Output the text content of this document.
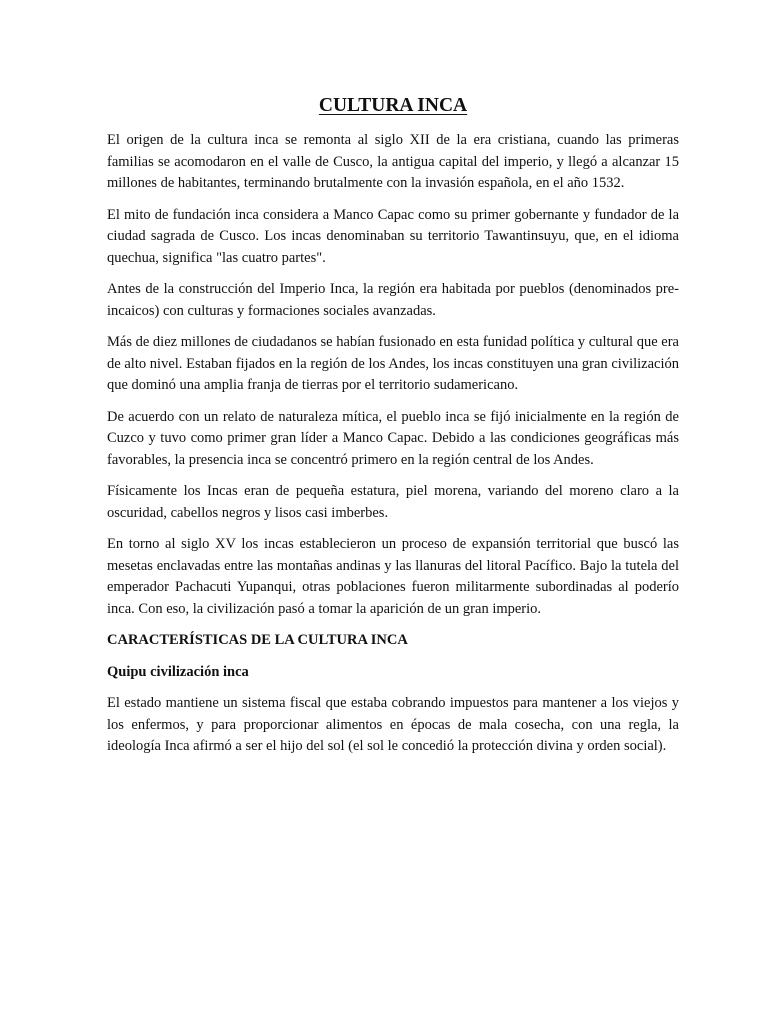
CULTURA INCA

El origen de la cultura inca se remonta al siglo XII de la era cristiana, cuando las primeras familias se acomodaron en el valle de Cusco, la antigua capital del imperio, y llegó a alcanzar 15 millones de habitantes, terminando brutalmente con la invasión española, en el año 1532.

El mito de fundación inca considera a Manco Capac como su primer gobernante y fundador de la ciudad sagrada de Cusco. Los incas denominaban su territorio Tawantinsuyu, que, en el idioma quechua, significa "las cuatro partes".

Antes de la construcción del Imperio Inca, la región era habitada por pueblos (denominados pre-incaicos) con culturas y formaciones sociales avanzadas.

Más de diez millones de ciudadanos se habían fusionado en esta funidad política y cultural que era de alto nivel. Estaban fijados en la región de los Andes, los incas constituyen una gran civilización que dominó una amplia franja de tierras por el territorio sudamericano.

De acuerdo con un relato de naturaleza mítica, el pueblo inca se fijó inicialmente en la región de Cuzco y tuvo como primer gran líder a Manco Capac. Debido a las condiciones geográficas más favorables, la presencia inca se concentró primero en la región central de los Andes.

Físicamente los Incas eran de pequeña estatura, piel morena, variando del moreno claro a la oscuridad, cabellos negros y lisos casi imberbes.

En torno al siglo XV los incas establecieron un proceso de expansión territorial que buscó las mesetas enclavadas entre las montañas andinas y las llanuras del litoral Pacífico. Bajo la tutela del emperador Pachacuti Yupanqui, otras poblaciones fueron militarmente subordinadas al poderío inca. Con eso, la civilización pasó a tomar la aparición de un gran imperio.

CARACTERÍSTICAS DE LA CULTURA INCA
Quipu civilización inca

El estado mantiene un sistema fiscal que estaba cobrando impuestos para mantener a los viejos y los enfermos, y para proporcionar alimentos en épocas de mala cosecha, con una regla, la ideología Inca afirmó a ser el hijo del sol (el sol le concedió la protección divina y orden social).
